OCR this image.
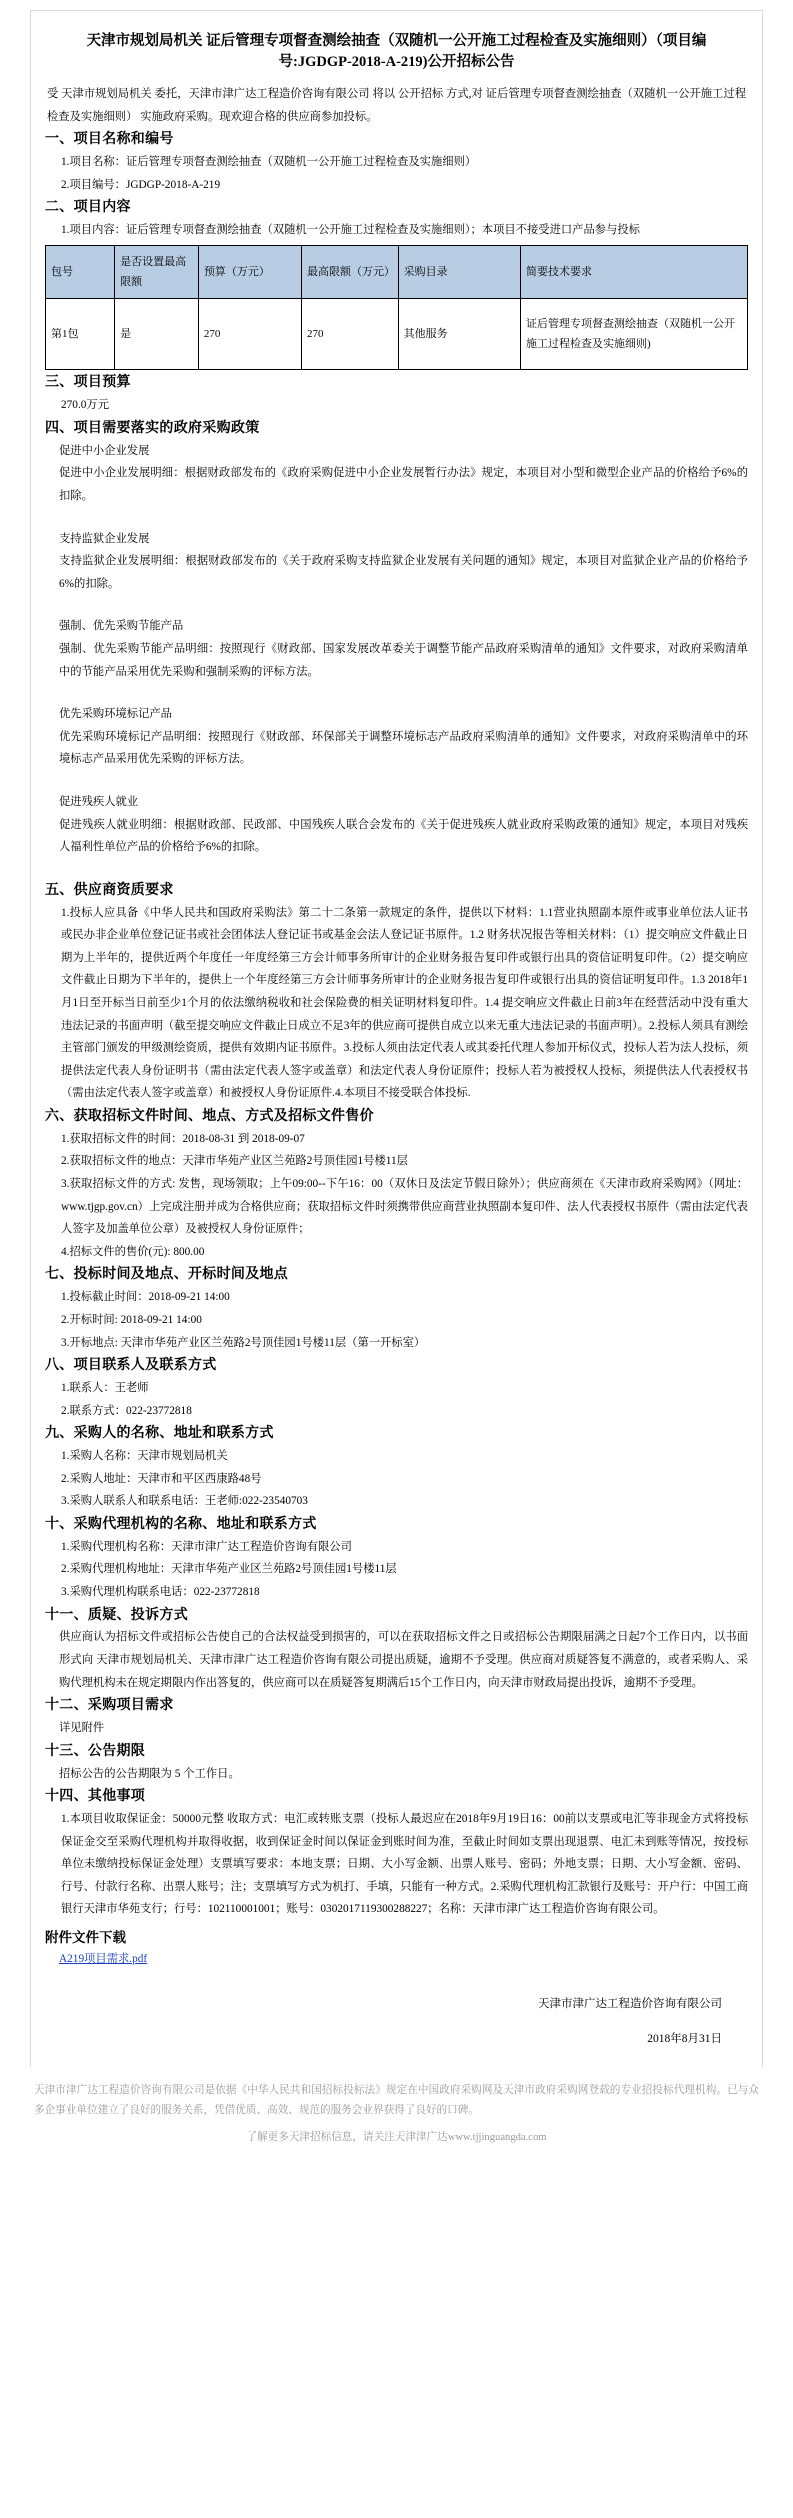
天津市规划局机关 证后管理专项督查测绘抽查（双随机一公开施工过程检查及实施细则）（项目编号:JGDGP-2018-A-219)公开招标公告

受 天津市规划局机关 委托，天津市津广达工程造价咨询有限公司 将以 公开招标 方式,对 证后管理专项督查测绘抽查（双随机一公开施工过程检查及实施细则） 实施政府采购。现欢迎合格的供应商参加投标。

一、项目名称和编号

1.项目名称：证后管理专项督查测绘抽查（双随机一公开施工过程检查及实施细则）

2.项目编号：JGDGP-2018-A-219

二、项目内容

1.项目内容：证后管理专项督查测绘抽查（双随机一公开施工过程检查及实施细则）；本项目不接受进口产品参与投标

包号	是否设置最高限额	预算（万元）	最高限额（万元）	采购目录	简要技术要求
第1包	是	270	270	其他服务	证后管理专项督查测绘抽查（双随机一公开施工过程检查及实施细则)
三、项目预算

270.0万元

四、项目需要落实的政府采购政策

促进中小企业发展

促进中小企业发展明细：根据财政部发布的《政府采购促进中小企业发展暂行办法》规定，本项目对小型和微型企业产品的价格给予6%的扣除。

支持监狱企业发展

支持监狱企业发展明细：根据财政部发布的《关于政府采购支持监狱企业发展有关问题的通知》规定，本项目对监狱企业产品的价格给予6%的扣除。

强制、优先采购节能产品

强制、优先采购节能产品明细：按照现行《财政部、国家发展改革委关于调整节能产品政府采购清单的通知》文件要求，对政府采购清单中的节能产品采用优先采购和强制采购的评标方法。

优先采购环境标记产品

优先采购环境标记产品明细：按照现行《财政部、环保部关于调整环境标志产品政府采购清单的通知》文件要求，对政府采购清单中的环境标志产品采用优先采购的评标方法。

促进残疾人就业

促进残疾人就业明细：根据财政部、民政部、中国残疾人联合会发布的《关于促进残疾人就业政府采购政策的通知》规定，本项目对残疾人福利性单位产品的价格给予6%的扣除。

五、供应商资质要求

1.投标人应具备《中华人民共和国政府采购法》第二十二条第一款规定的条件，提供以下材料：1.1营业执照副本原件或事业单位法人证书或民办非企业单位登记证书或社会团体法人登记证书或基金会法人登记证书原件。1.2 财务状况报告等相关材料：（1）提交响应文件截止日期为上半年的，提供近两个年度任一年度经第三方会计师事务所审计的企业财务报告复印件或银行出具的资信证明复印件。（2）提交响应文件截止日期为下半年的，提供上一个年度经第三方会计师事务所审计的企业财务报告复印件或银行出具的资信证明复印件。1.3 2018年1月1日至开标当日前至少1个月的依法缴纳税收和社会保险费的相关证明材料复印件。1.4 提交响应文件截止日前3年在经营活动中没有重大违法记录的书面声明（截至提交响应文件截止日成立不足3年的供应商可提供自成立以来无重大违法记录的书面声明）。2.投标人须具有测绘主管部门颁发的甲级测绘资质，提供有效期内证书原件。3.投标人须由法定代表人或其委托代理人参加开标仪式，投标人若为法人投标，须提供法定代表人身份证明书（需由法定代表人签字或盖章）和法定代表人身份证原件；投标人若为被授权人投标，须提供法人代表授权书（需由法定代表人签字或盖章）和被授权人身份证原件.4.本项目不接受联合体投标.

六、获取招标文件时间、地点、方式及招标文件售价

1.获取招标文件的时间：2018-08-31 到 2018-09-07

2.获取招标文件的地点：天津市华苑产业区兰苑路2号顶佳园1号楼11层

3.获取招标文件的方式: 发售，现场领取；上午09:00--下午16：00（双休日及法定节假日除外）；供应商须在《天津市政府采购网》（网址：www.tjgp.gov.cn）上完成注册并成为合格供应商；获取招标文件时须携带供应商营业执照副本复印件、法人代表授权书原件（需由法定代表人签字及加盖单位公章）及被授权人身份证原件；

4.招标文件的售价(元): 800.00

七、投标时间及地点、开标时间及地点

1.投标截止时间：2018-09-21 14:00

2.开标时间: 2018-09-21 14:00

3.开标地点: 天津市华苑产业区兰苑路2号顶佳园1号楼11层（第一开标室）

八、项目联系人及联系方式

1.联系人：王老师

2.联系方式：022-23772818

九、采购人的名称、地址和联系方式

1.采购人名称：天津市规划局机关

2.采购人地址：天津市和平区西康路48号

3.采购人联系人和联系电话：王老师:022-23540703

十、采购代理机构的名称、地址和联系方式

1.采购代理机构名称：天津市津广达工程造价咨询有限公司

2.采购代理机构地址：天津市华苑产业区兰苑路2号顶佳园1号楼11层

3.采购代理机构联系电话：022-23772818

十一、质疑、投诉方式

供应商认为招标文件或招标公告使自己的合法权益受到损害的，可以在获取招标文件之日或招标公告期限届满之日起7个工作日内，以书面形式向 天津市规划局机关、天津市津广达工程造价咨询有限公司提出质疑，逾期不予受理。供应商对质疑答复不满意的，或者采购人、采购代理机构未在规定期限内作出答复的，供应商可以在质疑答复期满后15个工作日内，向天津市财政局提出投诉，逾期不予受理。

十二、采购项目需求

详见附件

十三、公告期限

招标公告的公告期限为 5 个工作日。

十四、其他事项

1.本项目收取保证金：50000元整 收取方式：电汇或转账支票（投标人最迟应在2018年9月19日16：00前以支票或电汇等非现金方式将投标保证金交至采购代理机构并取得收据，收到保证金时间以保证金到账时间为准，至截止时间如支票出现退票、电汇未到账等情况，按投标单位未缴纳投标保证金处理）支票填写要求：本地支票；日期、大小写金额、出票人账号、密码；外地支票；日期、大小写金额、密码、行号、付款行名称、出票人账号；注；支票填写方式为机打、手填，只能有一种方式。2.采购代理机构汇款银行及账号：开户行：中国工商银行天津市华苑支行；行号：102110001001；账号：0302017119300288227；名称：天津市津广达工程造价咨询有限公司。

附件文件下载

A219项目需求.pdf

天津市津广达工程造价咨询有限公司
2018年8月31日
天津市津广达工程造价咨询有限公司是依据《中华人民共和国招标投标法》规定在中国政府采购网及天津市政府采购网登载的专业招投标代理机构。已与众多企事业单位建立了良好的服务关系，凭借优质、高效、规范的服务会业界获得了良好的口碑。
了解更多天津招标信息，请关注天津津广达www.tjjinguangda.com
